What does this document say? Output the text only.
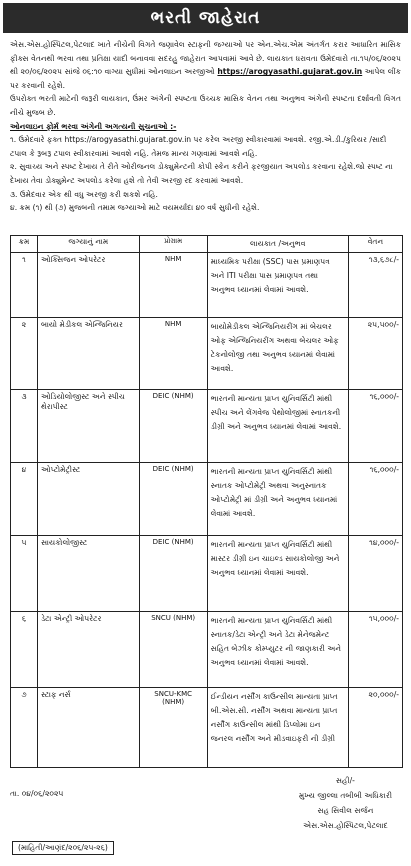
ભરતી જાહેરાત

એસ.એસ.હોસ્પિટલ,પેટલાદ ખાતે નીચેની વિગતે જણાવેલ સ્ટાફની જગ્યાઓ પર એન.એચ.એમ અંતર્ગત કરાર આધારિત માસિક ફીક્સ વેતનથી ભરવા તથા પ્રતિક્ષા યાદી બનાવવા સદરહુ જાહેરાત આપવામાં આવે છે. લાયકાત ધરાવતા ઉમેદવારો તા.૧૫/૦૬/૨૦૨૫ થી ૨૦/૦૬/૨૦૨૫ સાંજે ૦૬:૧૦ વાગ્યા સુધીમાં ઓનલાઇન અરજીઓ https://arogyasathi.gujarat.gov.in આપેલ લીંક પર કરવાની રહેશે.

ઉપરોક્ત ભરતી માટેની જરૂરી લાયકાત, ઉંમર અંગેની સ્પષ્ટતા ઉચ્ચક માસિક વેતન તથા અનુભવ અંગેની સ્પષ્ટતા દર્શાવતી વિગત નીચે મુજબ છે.

ઓનલાઇન ફોર્મ ભરવા અંગેની અગત્યની સુચનાઓ :-

૧. ઉમેદવારે ફક્ત https://arogyasathi.gujarat.gov.in પર કરેલ અરજી સ્વીકારવામાં આવશે. રજી.એ.ડી./કુરિયર /સાદી ટપાલ કે રૂબરૂ ટપાલ સ્વીકારવામાં આવશે નહિ. તેમજ માન્ય ગણવામાં આવશે નહિ.
૨. સુવાચ્ય અને સ્પષ્ટ દેખાય તે રીતે ઓરીજનલ ડોક્યુમેન્ટની કોપી સ્કેન કરીને ફરજીયાત અપલોડ કરવાના રહેશે.જો સ્પષ્ટ ના દેખાય તેવા ડોક્યુમેન્ટ અપલોડ કરેલા હશે તો તેવી અરજી રદ કરવામાં આવશે.
૩. ઉમેદવાર એક થી વધુ અરજી કરી શકશે નહિ.
૪. ક્રમ (૧) થી (૭) મુજબની તમામ જગ્યાઓ માટે વયમર્યાદા ૪૦ વર્ષ સુધીની રહેશે.
ક્રમ	જગ્યાનું નામ	પ્રોગ્રામ	લાયકાત /અનુભવ	વેતન
૧	ઓક્સિજન ઓપરેટર	NHM	માધ્યમિક પરીક્ષા (SSC) પાસ પ્રમાણપત્ર અને ITI પરીક્ષા પાસ પ્રમાણપત્ર તથા અનુભવ ધ્યાનમાં લેવામાં આવશે.	૧૩,૬૭૮/-
૨	બાયો મેડીકલ એન્જિનિયર	NHM	બાયોમેડીકલ એન્જિનિયરીંગ માં બેચલર ઓફ એન્જિનિયરીંગ અથવા બેચલર ઓફ ટેકનોલોજી તથા અનુભવ ધ્યાનમાં લેવામાં આવશે.	૨૫,૫૦૦/-
૩	ઓડિયોલોજીસ્ટ અને સ્પીચ થેરાપીસ્ટ	DEIC (NHM)	ભારતની માન્યતા પ્રાપ્ત યુનિવર્સિટી માંથી સ્પીચ અને લેંગવેજ પેથોલોજીમાં સ્નાતકની ડીગ્રી અને અનુભવ ધ્યાનમાં લેવામાં આવશે.	૧૬,૦૦૦/-
૪	ઓપ્ટોમેટ્રીસ્ટ	DEIC (NHM)	ભારતની માન્યતા પ્રાપ્ત યુનિવર્સિટી માંથી સ્નાતક ઓપ્ટોમેટ્રી અથવા અનુસ્નાતક ઓપ્ટોમેટ્રી માં ડીગ્રી અને અનુભવ ધ્યાનમાં લેવામાં આવશે.	૧૬,૦૦૦/-
૫	સાયકોલોજીસ્ટ	DEIC (NHM)	ભારતની માન્યતા પ્રાપ્ત યુનિવર્સિટી માંથી માસ્ટર ડીગ્રી ઇન ચાઇલ્ડ સાયકોલોજી અને અનુભવ ધ્યાનમાં લેવામાં આવશે.	૧૪,૦૦૦/-
૬	ડેટા એન્ટ્રી ઓપરેટર	SNCU (NHM)	ભારતની માન્યતા પ્રાપ્ત યુનિવર્સિટી માંથી સ્નાતક/ડેટા એન્ટ્રી અને ડેટા મેનેજમેન્ટ સહિત બેઝીક કોમ્પ્યુટર ની જાણકારી અને અનુભવ ધ્યાનમાં લેવામાં આવશે.	૧૫,૦૦૦/-
૭	સ્ટાફ નર્સ	SNCU-KMC (NHM)	ઈન્ડીયન નર્સીંગ કાઉન્સીલ માન્યતા પ્રાપ્ત બી.એસ.સી. નર્સીંગ અથવા માન્યતા પ્રાપ્ત નર્સીંગ કાઉન્સીલ માંથી ડિપ્લોમા ઇન જનરલ નર્સીંગ અને મીડવાઇફરી ની ડીગ્રી	૨૦,૦૦૦/-
તા. ૦૪/૦૬/૨૦૨૫
સહી/-
મુખ્ય જીલ્લા તબીબી અધિકારી
સહ સિવીલ સર્જન
એસ.એસ.હોસ્પિટલ,પેટલાદ
(માહિતી/આણંદ/૨૦૬/૨૫-૨૬)
